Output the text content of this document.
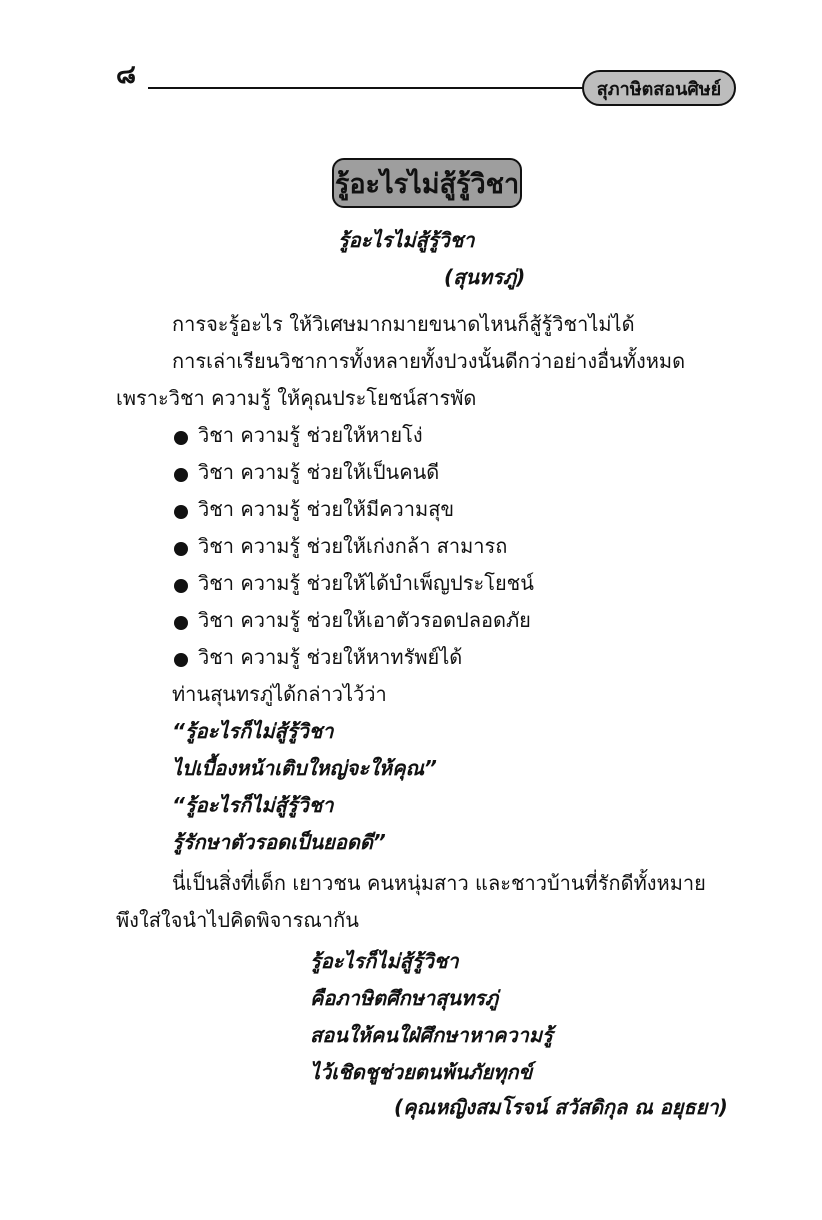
๘	สุภาษิตสอนศิษย์
รู้อะไรไม่สู้รู้วิชา
รู้อะไรไม่สู้รู้วิชา
(สุนทรภู่)
การจะรู้อะไร ให้วิเศษมากมายขนาดไหนก็สู้รู้วิชาไม่ได้
การเล่าเรียนวิชาการทั้งหลายทั้งปวงนั้นดีกว่าอย่างอื่นทั้งหมด
เพราะวิชา ความรู้ ให้คุณประโยชน์สารพัด
วิชา ความรู้ ช่วยให้หายโง่
วิชา ความรู้ ช่วยให้เป็นคนดี
วิชา ความรู้ ช่วยให้มีความสุข
วิชา ความรู้ ช่วยให้เก่งกล้า สามารถ
วิชา ความรู้ ช่วยให้ได้บำเพ็ญประโยชน์
วิชา ความรู้ ช่วยให้เอาตัวรอดปลอดภัย
วิชา ความรู้ ช่วยให้หาทรัพย์ได้
ท่านสุนทรภู่ได้กล่าวไว้ว่า
“รู้อะไรก็ไม่สู้รู้วิชา
ไปเบื้องหน้าเติบใหญ่จะให้คุณ”
“รู้อะไรก็ไม่สู้รู้วิชา
รู้รักษาตัวรอดเป็นยอดดี”
นี่เป็นสิ่งที่เด็ก เยาวชน คนหนุ่มสาว และชาวบ้านที่รักดีทั้งหมาย
พึงใส่ใจนำไปคิดพิจารณากัน
รู้อะไรก็ไม่สู้รู้วิชา
คือภาษิตศึกษาสุนทรภู่
สอนให้คนใฝ่ศึกษาหาความรู้
ไว้เชิดชูช่วยตนพ้นภัยทุกข์
(คุณหญิงสมโรจน์ สวัสดิกุล ณ อยุธยา)
